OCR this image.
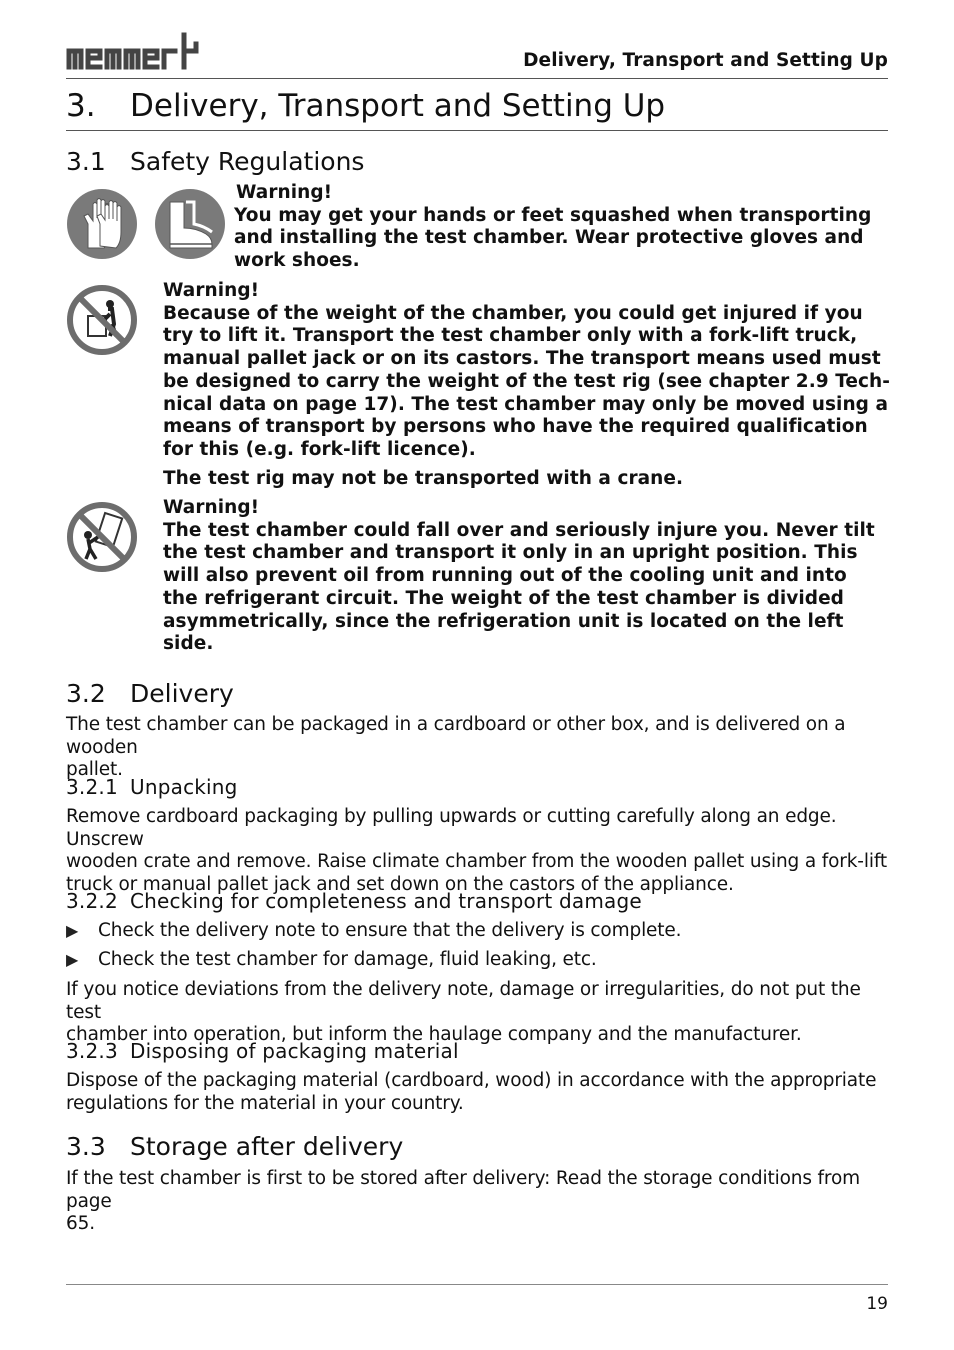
memmert
Delivery, Transport and Setting Up
3. Delivery, Transport and Setting Up
3.1 Safety Regulations
Warning!
You may get your hands or feet squashed when transporting
and installing the test chamber. Wear protective gloves and
work shoes.
Warning!
Because of the weight of the chamber, you could get injured if you
try to lift it. Transport the test chamber only with a fork-lift truck,
manual pallet jack or on its castors. The transport means used must
be designed to carry the weight of the test rig (see chapter 2.9 Tech-
nical data on page 17). The test chamber may only be moved using a
means of transport by persons who have the required qualification
for this (e.g. fork-lift licence).
The test rig may not be transported with a crane.
Warning!
The test chamber could fall over and seriously injure you. Never tilt
the test chamber and transport it only in an upright position. This
will also prevent oil from running out of the cooling unit and into
the refrigerant circuit. The weight of the test chamber is divided
asymmetrically, since the refrigeration unit is located on the left
side.
3.2 Delivery
The test chamber can be packaged in a cardboard or other box, and is delivered on a wooden
pallet.
3.2.1 Unpacking
Remove cardboard packaging by pulling upwards or cutting carefully along an edge. Unscrew
wooden crate and remove. Raise climate chamber from the wooden pallet using a fork-lift
truck or manual pallet jack and set down on the castors of the appliance.
3.2.2 Checking for completeness and transport damage
▶ Check the delivery note to ensure that the delivery is complete.
▶ Check the test chamber for damage, fluid leaking, etc.
If you notice deviations from the delivery note, damage or irregularities, do not put the test
chamber into operation, but inform the haulage company and the manufacturer.
3.2.3 Disposing of packaging material
Dispose of the packaging material (cardboard, wood) in accordance with the appropriate
regulations for the material in your country.
3.3 Storage after delivery
If the test chamber is first to be stored after delivery: Read the storage conditions from page
65.
19
